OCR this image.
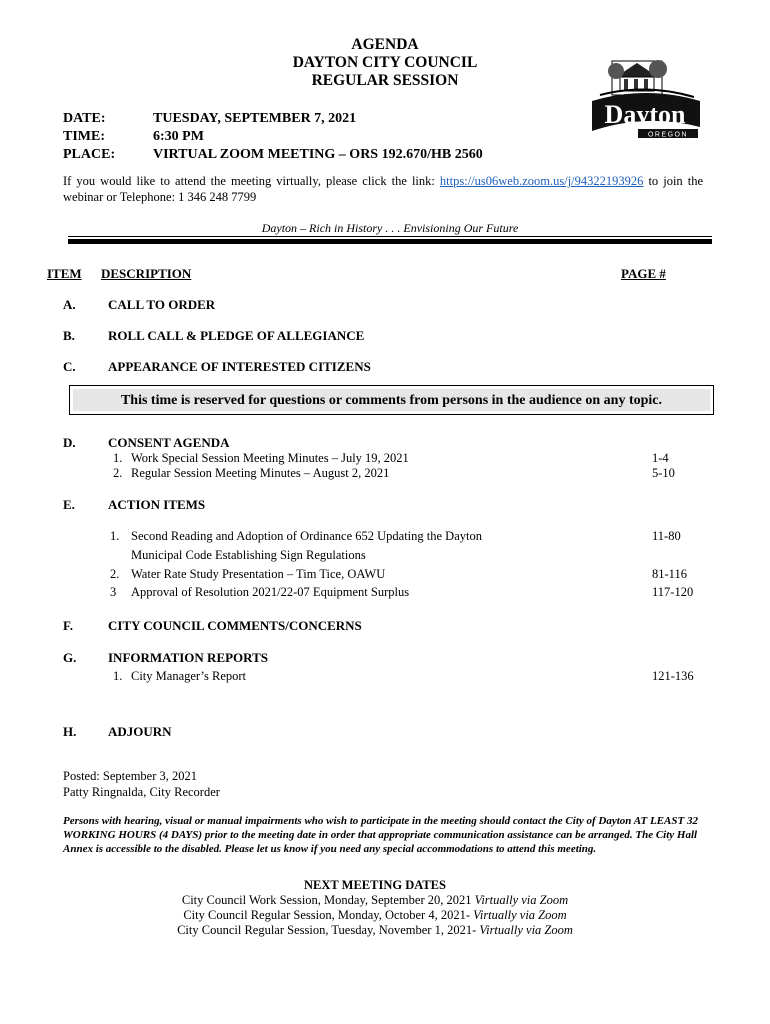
AGENDA
DAYTON CITY COUNCIL
REGULAR SESSION
Dayton
OREGON
DATE:	TUESDAY, SEPTEMBER 7, 2021
TIME:	6:30 PM
PLACE:	VIRTUAL ZOOM MEETING – ORS 192.670/HB 2560
If you would like to attend the meeting virtually, please click the link: https://us06web.zoom.us/j/94322193926 to join the webinar or Telephone: 1 346 248 7799
Dayton – Rich in History . . . Envisioning Our Future
ITEM DESCRIPTION	PAGE #
A. CALL TO ORDER
B.	ROLL CALL & PLEDGE OF ALLEGIANCE
C. APPEARANCE OF INTERESTED CITIZENS
This time is reserved for questions or comments from persons in the audience on any topic.
D. CONSENT AGENDA
1. Work Special Session Meeting Minutes – July 19, 2021	1-4
2. Regular Session Meeting Minutes – August 2, 2021	5-10
E.	ACTION ITEMS
1. Second Reading and Adoption of Ordinance 652 Updating the Dayton
Municipal Code Establishing Sign Regulations
11-80
2. Water Rate Study Presentation – Tim Tice, OAWU	81-116
3 Approval of Resolution 2021/22-07 Equipment Surplus	117-120
F.	CITY COUNCIL COMMENTS/CONCERNS
G. INFORMATION REPORTS
1. City Manager’s Report	121-136
H. ADJOURN
Posted: September 3, 2021
Patty Ringnalda, City Recorder
Persons with hearing, visual or manual impairments who wish to participate in the meeting should contact the City of Dayton AT LEAST 32 WORKING HOURS (4 DAYS) prior to the meeting date in order that appropriate communication assistance can be arranged. The City Hall Annex is accessible to the disabled. Please let us know if you need any special accommodations to attend this meeting.
NEXT MEETING DATES
City Council Work Session, Monday, September 20, 2021 Virtually via Zoom
City Council Regular Session, Monday, October 4, 2021- Virtually via Zoom
City Council Regular Session, Tuesday, November 1, 2021- Virtually via Zoom
